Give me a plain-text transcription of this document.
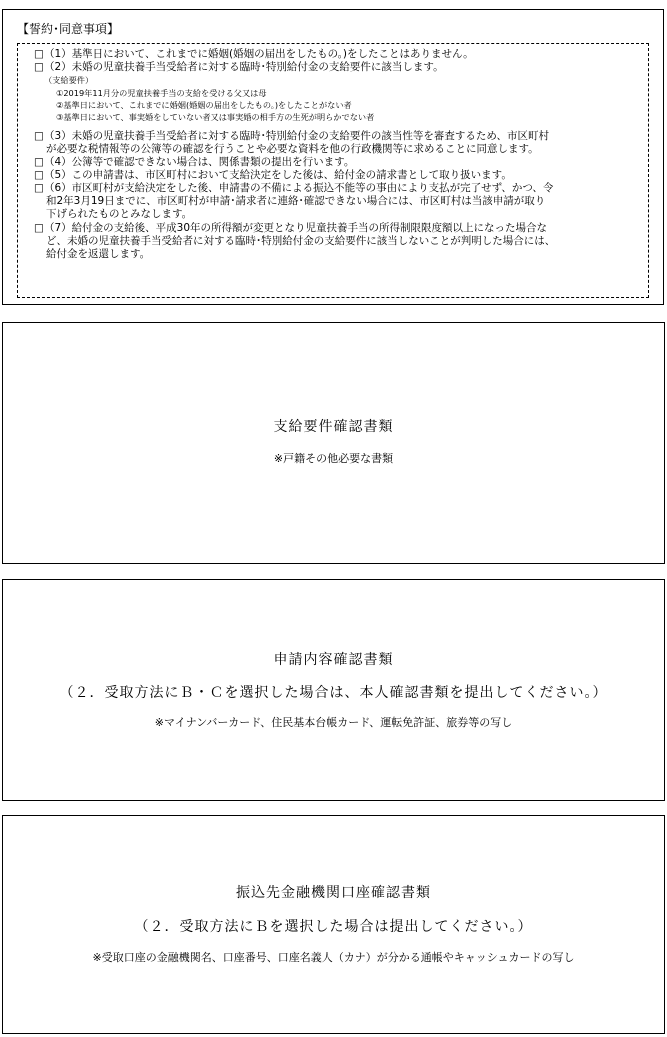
【誓約･同意事項】
□（1）基準日において、これまでに婚姻(婚姻の届出をしたもの。)をしたことはありません。
□（2）未婚の児童扶養手当受給者に対する臨時･特別給付金の支給要件に該当します。
（支給要件）
①2019年11月分の児童扶養手当の支給を受ける父又は母
②基準日において、これまでに婚姻(婚姻の届出をしたもの。)をしたことがない者
③基準日において、事実婚をしていない者又は事実婚の相手方の生死が明らかでない者
□（3）未婚の児童扶養手当受給者に対する臨時･特別給付金の支給要件の該当性等を審査するため、市区町村
が必要な税情報等の公簿等の確認を行うことや必要な資料を他の行政機関等に求めることに同意します。
□（4）公簿等で確認できない場合は、関係書類の提出を行います。
□（5）この申請書は、市区町村において支給決定をした後は、給付金の請求書として取り扱います。
□（6）市区町村が支給決定をした後、申請書の不備による振込不能等の事由により支払が完了せず、かつ、令
和2年3月19日までに、市区町村が申請･請求者に連絡･確認できない場合には、市区町村は当該申請が取り
下げられたものとみなします。
□（7）給付金の支給後、平成30年の所得額が変更となり児童扶養手当の所得制限限度額以上になった場合な
ど、未婚の児童扶養手当受給者に対する臨時･特別給付金の支給要件に該当しないことが判明した場合には、
給付金を返還します。
支給要件確認書類
※戸籍その他必要な書類
申請内容確認書類
（２．受取方法にＢ・Ｃを選択した場合は、本人確認書類を提出してください。）
※マイナンバーカード、住民基本台帳カード、運転免許証、旅券等の写し
振込先金融機関口座確認書類
（２．受取方法にＢを選択した場合は提出してください。）
※受取口座の金融機関名、口座番号、口座名義人（カナ）が分かる通帳やキャッシュカードの写し
